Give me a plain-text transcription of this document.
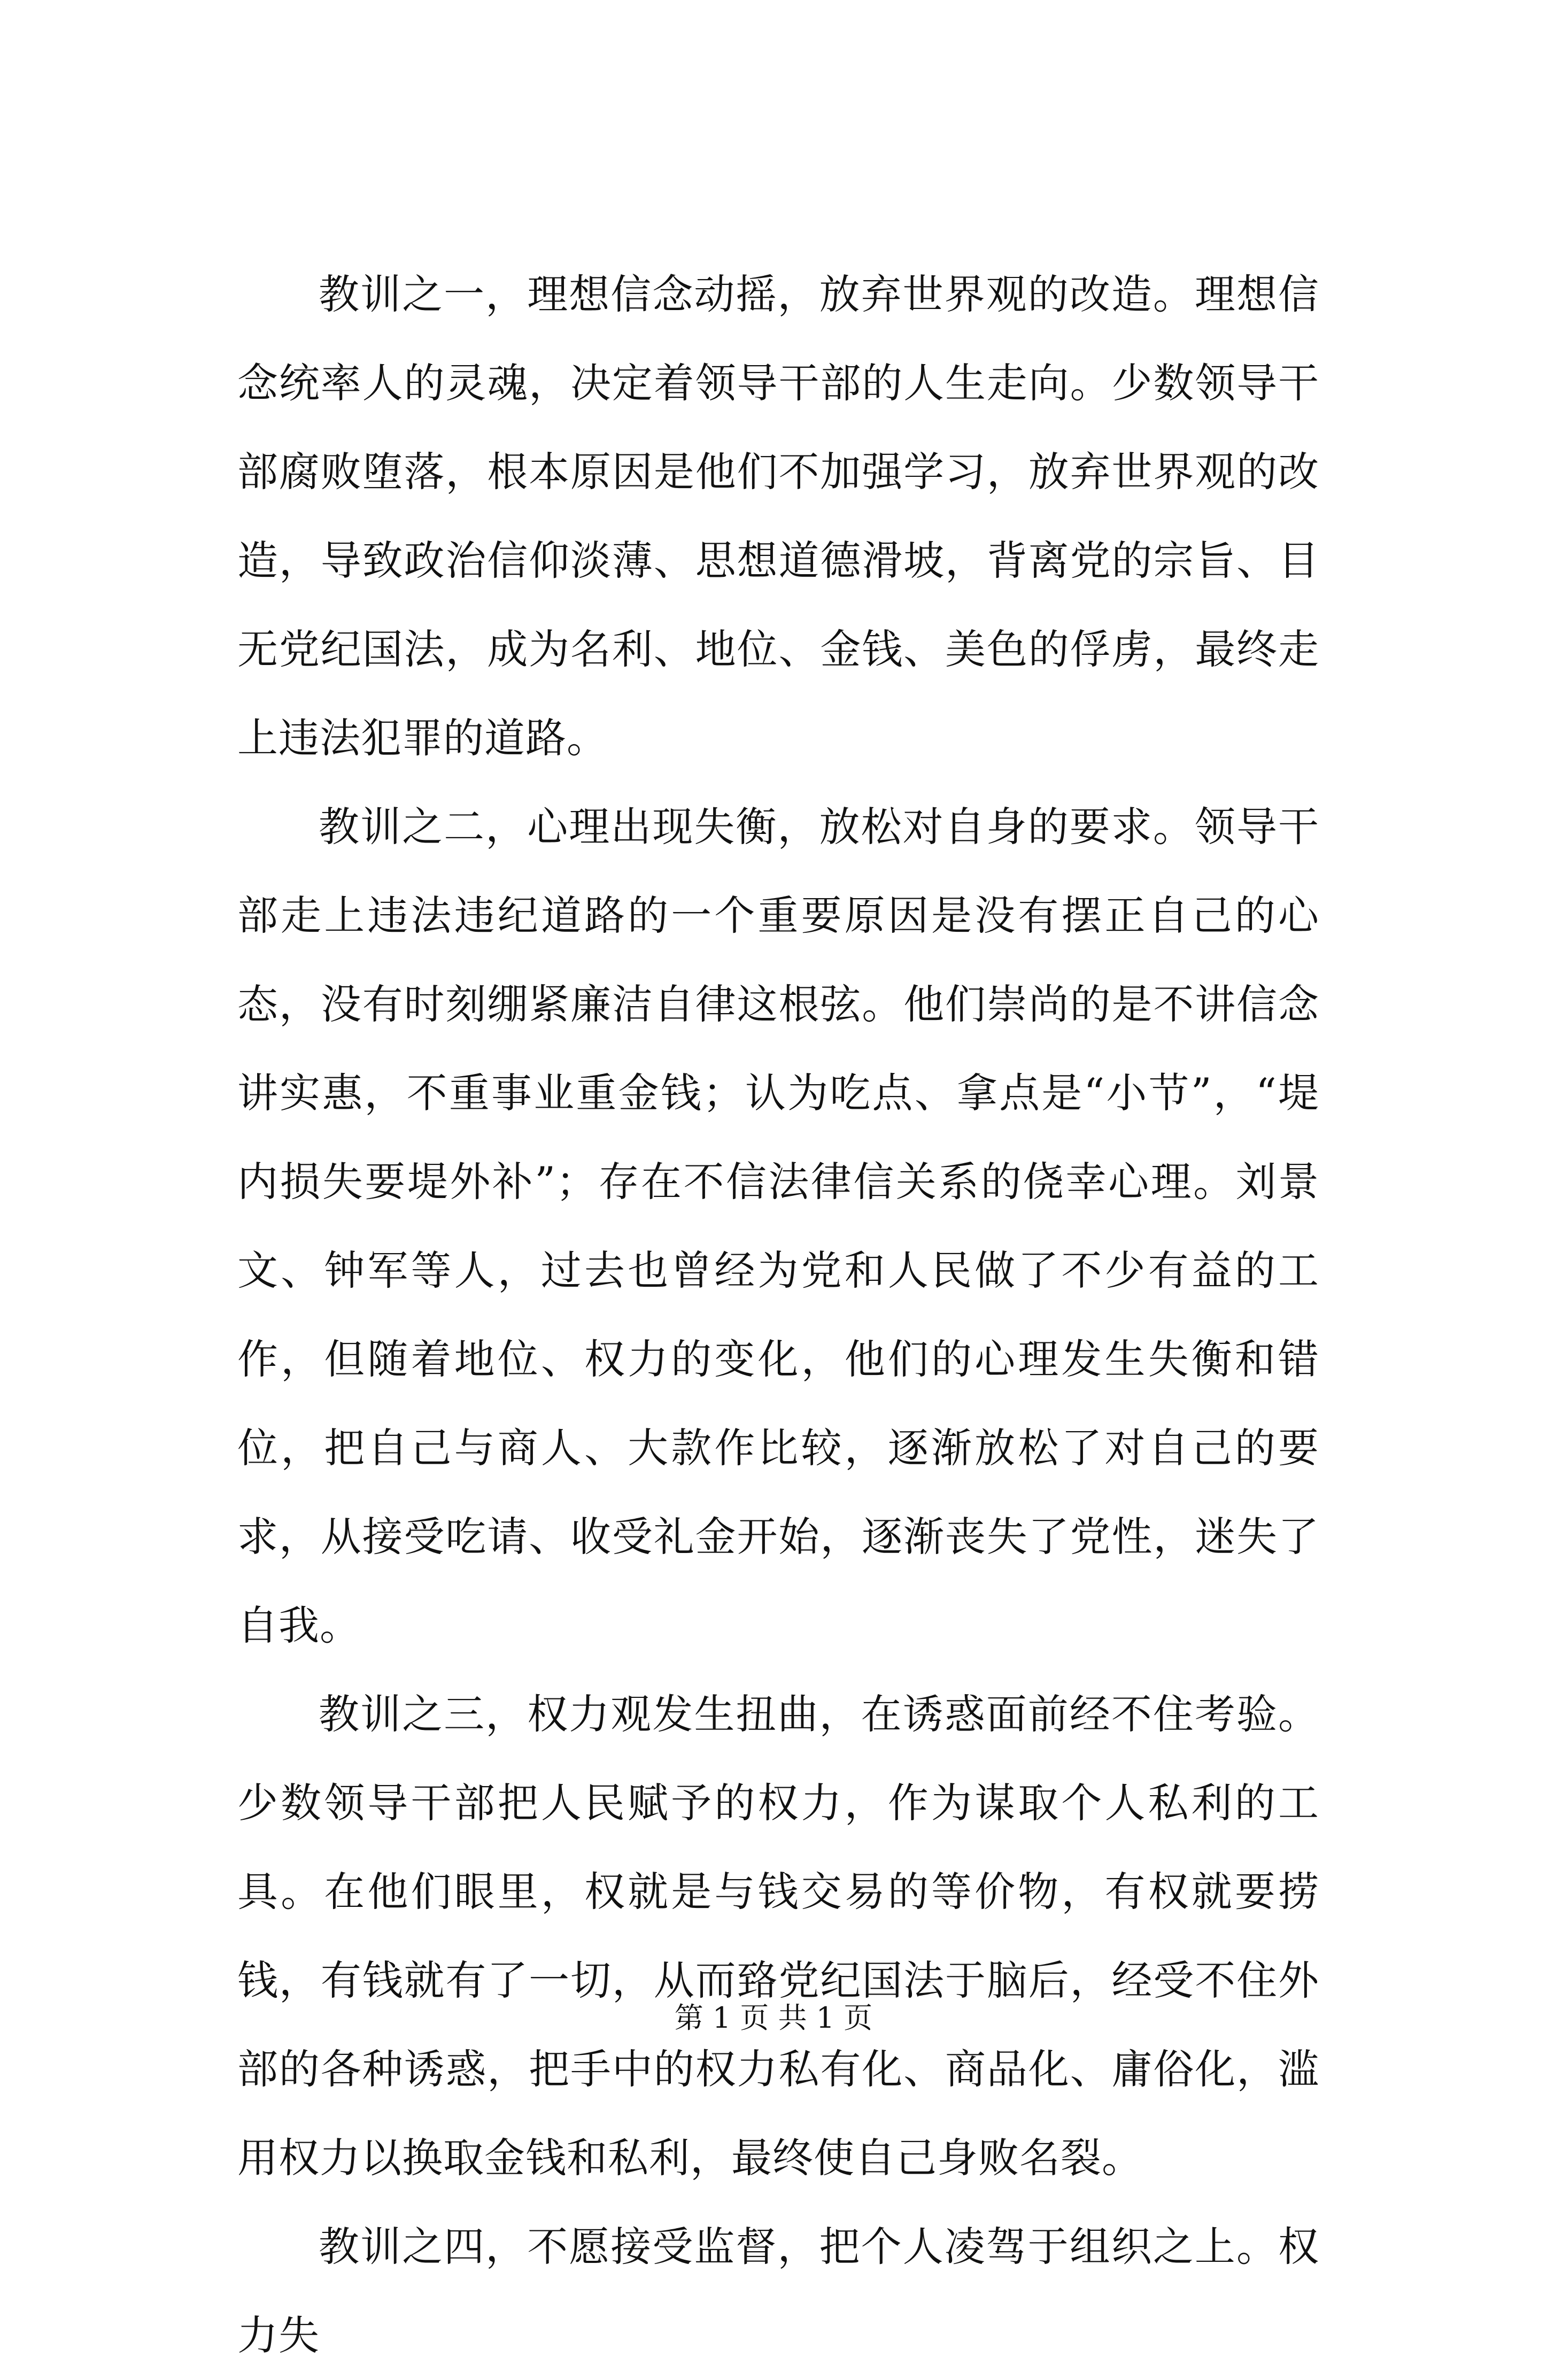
教训之一，理想信念动摇，放弃世界观的改造。理想信念统率人的灵魂，决定着领导干部的人生走向。少数领导干部腐败堕落，根本原因是他们不加强学习，放弃世界观的改造，导致政治信仰淡薄、思想道德滑坡，背离党的宗旨、目无党纪国法，成为名利、地位、金钱、美色的俘虏，最终走上违法犯罪的道路。

教训之二，心理出现失衡，放松对自身的要求。领导干部走上违法违纪道路的一个重要原因是没有摆正自己的心态，没有时刻绷紧廉洁自律这根弦。他们崇尚的是不讲信念讲实惠，不重事业重金钱；认为吃点、拿点是“小节”，“堤内损失要堤外补”；存在不信法律信关系的侥幸心理。刘景文、钟军等人，过去也曾经为党和人民做了不少有益的工作，但随着地位、权力的变化，他们的心理发生失衡和错位，把自己与商人、大款作比较，逐渐放松了对自己的要求，从接受吃请、收受礼金开始，逐渐丧失了党性，迷失了自我。

教训之三，权力观发生扭曲，在诱惑面前经不住考验。少数领导干部把人民赋予的权力，作为谋取个人私利的工具。在他们眼里，权就是与钱交易的等价物，有权就要捞钱，有钱就有了一切，从而臵党纪国法于脑后，经受不住外部的各种诱惑，把手中的权力私有化、商品化、庸俗化，滥用权力以换取金钱和私利，最终使自己身败名裂。

教训之四，不愿接受监督，把个人凌驾于组织之上。权力失

第 1 页 共 1 页
